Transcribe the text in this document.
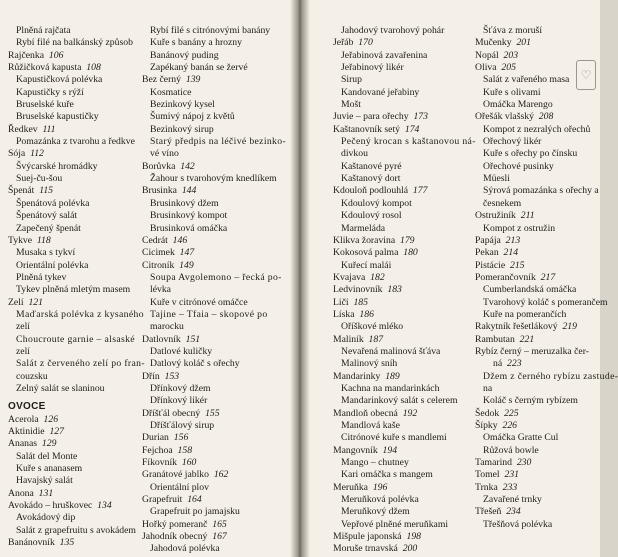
Plněná rajčata
Rybí filé na balkánský způsob
Rajčenka  106
Růžičková kapusta  108
Kapustičková polévka
Kapustičky s rýží
Bruselské kuře
Bruselské kapustičky
Ředkev  111
Pomazánka z tvarohu a ředkve
Sója  112
Švýcarské hromádky
Suej-ču-šou
Špenát  115
Špenátová polévka
Špenátový salát
Zapečený špenát
Tykve  118
Musaka s tykví
Orientální polévka
Plněná tykev
Tykev plněná mletým masem
Zelí  121
Maďarská polévka z kysaného
zelí
Choucroute garnie – alsaské
zelí
Salát z červeného zelí po fran-
couzsku
Zelný salát se slaninou
OVOCE
Acerola  126
Aktinidie  127
Ananas  129
Salát del Monte
Kuře s ananasem
Havajský salát
Anona  131
Avokádo – hruškovec  134
Avokádový dip
Salát z grapefruitu s avokádem
Banánovník  135
Rybí filé s citrónovými banány
Kuře s banány a hrozny
Banánový puding
Zapékaný banán se žervé
Bez černý  139
Kosmatice
Bezinkový kysel
Šumivý nápoj z květů
Bezinkový sirup
Starý předpis na léčivé bezinko-
vé víno
Borůvka  142
Žahour s tvarohovým knedlíkem
Brusinka  144
Brusinkový džem
Brusinkový kompot
Brusinková omáčka
Cedrát  146
Cicimek  147
Citroník  149
Soupa Avgolemono – řecká po-
lévka
Kuře v citrónové omáčce
Tajine – Tfaia – skopové po
marocku
Datlovník  151
Datlové kuličky
Datlový koláč s ořechy
Dřín  153
Dřínkový džem
Dřínkový likér
Dříšťál obecný  155
Dříšťálový sirup
Durian  156
Fejchoa  158
Fíkovník  160
Granátové jablko  162
Orientální plov
Grapefruit  164
Grapefruit po jamajsku
Hořký pomeranč  165
Jahodník obecný  167
Jahodová polévka
Jahodový tvarohový pohár
Jeřáb  170
Jeřabinová zavařenina
Jeřabinový likér
Sirup
Kandované jeřabiny
Mošt
Juvie – para ořechy  173
Kaštanovník setý  174
Pečený krocan s kaštanovou ná-
divkou
Kaštanové pyré
Kaštanový dort
Kdouloň podlouhlá  177
Kdoulový kompot
Kdoulový rosol
Marmeláda
Klikva žoravina  179
Kokosová palma  180
Kuřecí malái
Kvajava  182
Ledvinovník  183
Liči  185
Líska  186
Oříškové mléko
Maliník  187
Nevařená malinová šťáva
Malinový sníh
Mandarinky  189
Kachna na mandarinkách
Mandarinkový salát s celerem
Mandloň obecná  192
Mandlová kaše
Citrónové kuře s mandlemi
Mangovník  194
Mango – chutney
Kari omáčka s mangem
Meruňka  196
Meruňková polévka
Meruňkový džem
Vepřové plněné meruňkami
Mišpule japonská  198
Moruše trnavská  200
Šťáva z moruší
Mučenky  201
Nopál  203
Oliva  205
Salát z vařeného masa
Kuře s olivami
Omáčka Marengo
Ořešák vlašský  208
Kompot z nezralých ořechů
Ořechový likér
Kuře s ořechy po čínsku
Ořechové pusinky
Müesli
Sýrová pomazánka s ořechy a
česnekem
Ostružiník  211
Kompot z ostružin
Papája  213
Pekan  214
Pistácie  215
Pomerančovník  217
Cumberlandská omáčka
Tvarohový koláč s pomerančem
Kuře na pomerančích
Rakytník řešetlákový  219
Rambutan  221
Rybíz černý – meruzalka čer-
ná  223
Džem z černého rybízu zastude-
na
Koláč s černým rybízem
Šedok  225
Šípky  226
Omáčka Gratte Cul
Růžová bowle
Tamarind  230
Tomel  231
Trnka  233
Zavařené trnky
Třešeň  234
Třešňová polévka
♡
